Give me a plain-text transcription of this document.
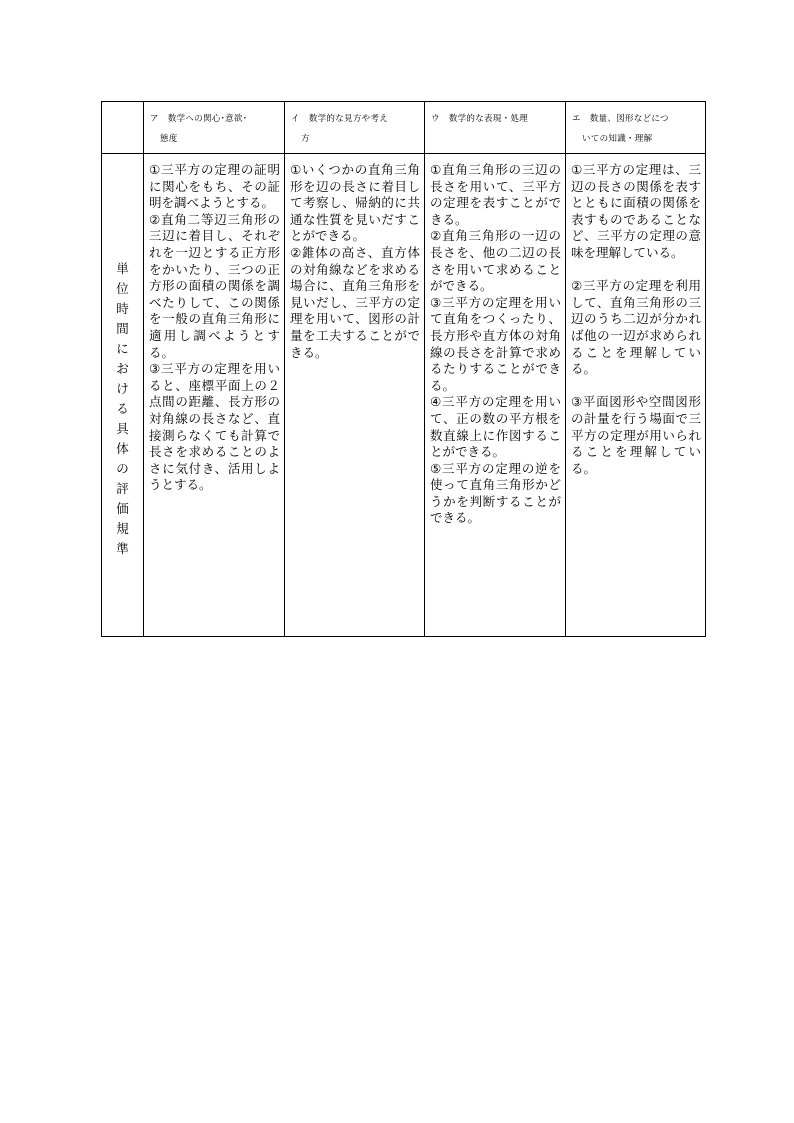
	ア 数学への関心･意欲･
態度	イ 数学的な見方や考え
方	ウ 数学的な表現・処理	エ 数量、図形などにつ
いての知識・理解

単位時間における具体の評価規準	①三平方の定理の証明に関心をもち、その証明を調べようとする。
②直角二等辺三角形の三辺に着目し、それぞれを一辺とする正方形をかいたり、三つの正方形の面積の関係を調べたりして、この関係を一般の直角三角形に適用し調べようとする。
③三平方の定理を用いると、座標平面上の２点間の距離、長方形の対角線の長さなど、直接測らなくても計算で長さを求めることのよさに気付き、活用しようとする。	①いくつかの直角三角形を辺の長さに着目して考察し、帰納的に共通な性質を見いだすことができる。
②錐体の高さ、直方体の対角線などを求める場合に、直角三角形を見いだし、三平方の定理を用いて、図形の計量を工夫することができる。	①直角三角形の三辺の長さを用いて、三平方の定理を表すことができる。
②直角三角形の一辺の長さを、他の二辺の長さを用いて求めることができる。
③三平方の定理を用いて直角をつくったり、長方形や直方体の対角線の長さを計算で求めるたりすることができる。
④三平方の定理を用いて、正の数の平方根を数直線上に作図することができる。
⑤三平方の定理の逆を使って直角三角形かどうかを判断することができる。	①三平方の定理は、三辺の長さの関係を表すとともに面積の関係を表すものであることなど、三平方の定理の意味を理解している。
②三平方の定理を利用して、直角三角形の三辺のうち二辺が分かれば他の一辺が求められることを理解している。
③平面図形や空間図形の計量を行う場面で三平方の定理が用いられることを理解している。
